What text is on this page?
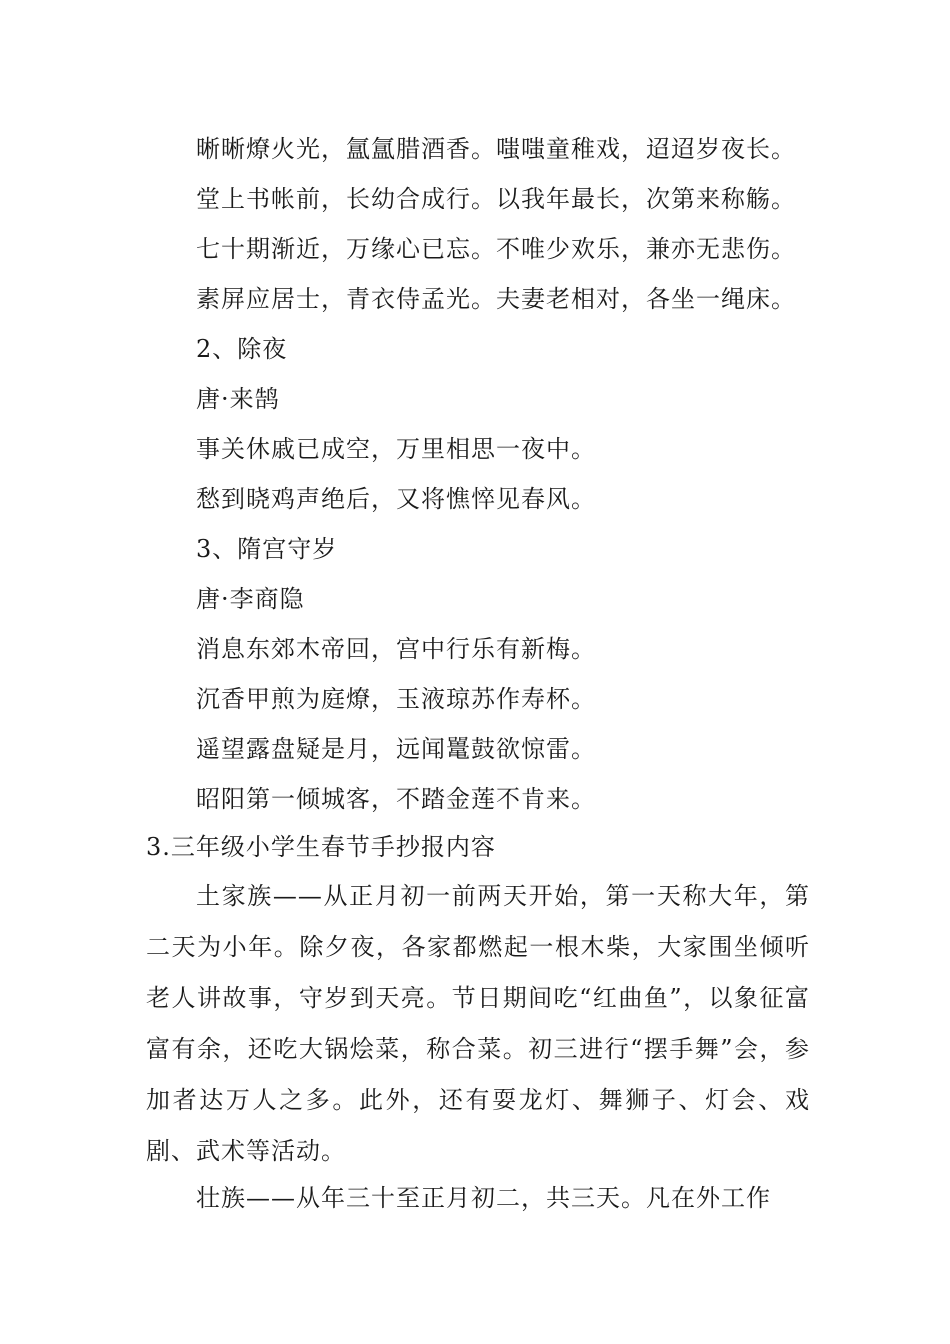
晰晰燎火光，氲氲腊酒香。嗤嗤童稚戏，迢迢岁夜长。
堂上书帐前，长幼合成行。以我年最长，次第来称觞。
七十期渐近，万缘心已忘。不唯少欢乐，兼亦无悲伤。
素屏应居士，青衣侍孟光。夫妻老相对，各坐一绳床。
2、除夜
唐·来鹄
事关休戚已成空，万里相思一夜中。
愁到晓鸡声绝后，又将憔悴见春风。
3、隋宫守岁
唐·李商隐
消息东郊木帝回，宫中行乐有新梅。
沉香甲煎为庭燎，玉液琼苏作寿杯。
遥望露盘疑是月，远闻鼍鼓欲惊雷。
昭阳第一倾城客，不踏金莲不肯来。
3.三年级小学生春节手抄报内容
土家族——从正月初一前两天开始，第一天称大年，第二天为小年。除夕夜，各家都燃起一根木柴，大家围坐倾听老人讲故事，守岁到天亮。节日期间吃“红曲鱼”，以象征富富有余，还吃大锅烩菜，称合菜。初三进行“摆手舞”会，参加者达万人之多。此外，还有耍龙灯、舞狮子、灯会、戏剧、武术等活动。
壮族——从年三十至正月初二，共三天。凡在外工作
